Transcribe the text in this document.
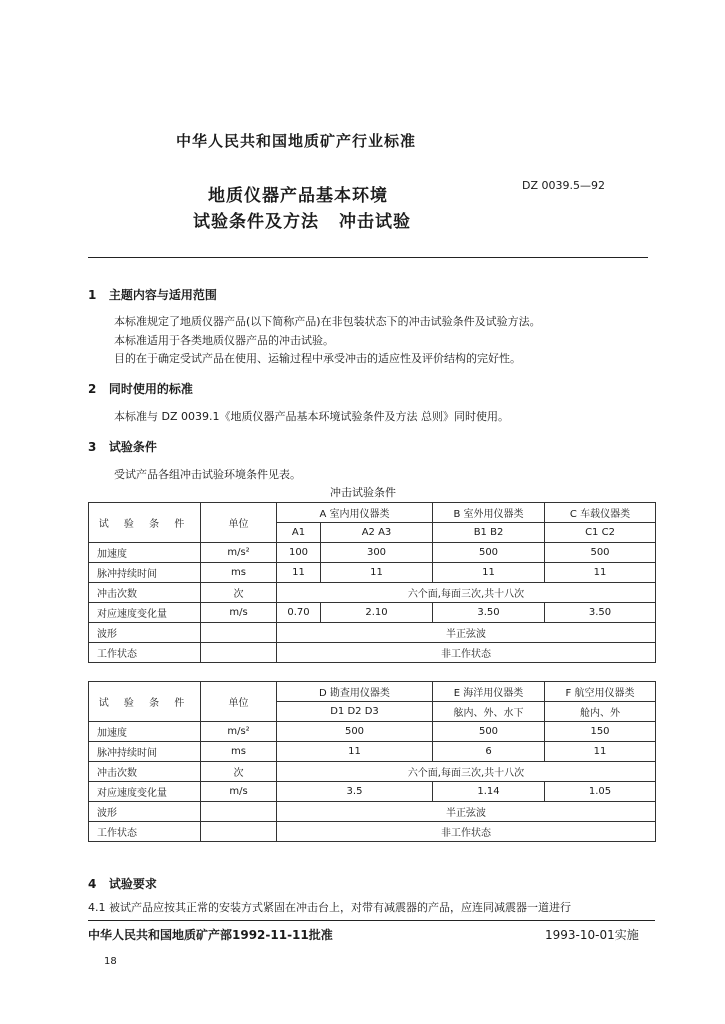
中华人民共和国地质矿产行业标准
地质仪器产品基本环境
试验条件及方法 冲击试验
DZ 0039.5—92
1 主题内容与适用范围
本标准规定了地质仪器产品(以下简称产品)在非包装状态下的冲击试验条件及试验方法。
本标准适用于各类地质仪器产品的冲击试验。
目的在于确定受试产品在使用、运输过程中承受冲击的适应性及评价结构的完好性。
2 同时使用的标准
本标准与 DZ 0039.1《地质仪器产品基本环境试验条件及方法 总则》同时使用。
3 试验条件
受试产品各组冲击试验环境条件见表。
冲击试验条件
试 验 条 件	单位	A 室内用仪器类		B 室外用仪器类	C 车载仪器类
		A1	A2 A3	B1 B2	C1 C2
加速度	m/s²	100	300	500	500
脉冲持续时间	ms	11	11	11	11
冲击次数	次	六个面,每面三次,共十八次			
对应速度变化量	m/s	0.70	2.10	3.50	3.50
波形		半正弦波			
工作状态		非工作状态			
试 验 条 件	单位	D 勘查用仪器类	E 海洋用仪器类	F 航空用仪器类
		D1 D2 D3	舷内、外、水下	舱内、外
加速度	m/s²	500	500	150
脉冲持续时间	ms	11	6	11
冲击次数	次	六个面,每面三次,共十八次		
对应速度变化量	m/s	3.5	1.14	1.05
波形		半正弦波		
工作状态		非工作状态		
4 试验要求
4.1 被试产品应按其正常的安装方式紧固在冲击台上，对带有减震器的产品，应连同减震器一道进行
中华人民共和国地质矿产部1992-11-11批准	1993-10-01实施
18
